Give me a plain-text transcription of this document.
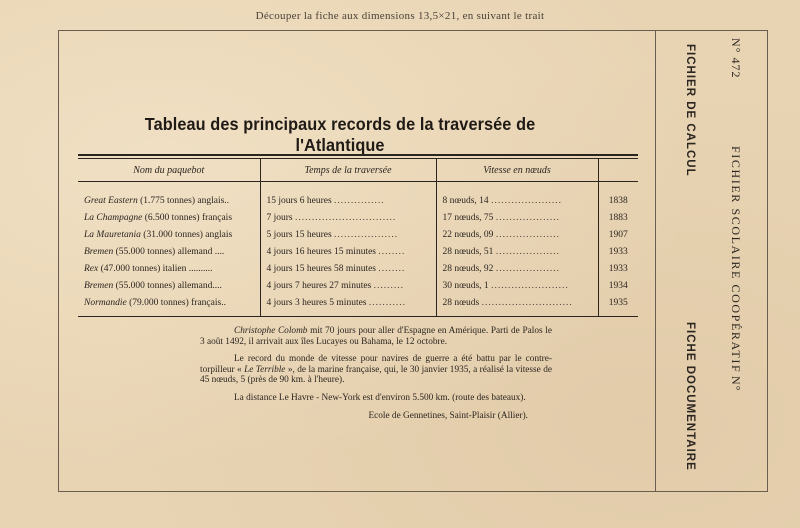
Découper la fiche aux dimensions 13,5×21, en suivant le trait
Tableau des principaux records de la traversée de l'Atlantique
Nom du paquebot	Temps de la traversée	Vitesse en nœuds	

Great Eastern (1.775 tonnes) anglais..	15 jours 6 heures ...............	8 nœuds, 14 .....................	1838
La Champagne (6.500 tonnes) français	7 jours ..............................	17 nœuds, 75 ...................	1883
La Mauretania (31.000 tonnes) anglais	5 jours 15 heures ...................	22 nœuds, 09 ...................	1907
Bremen (55.000 tonnes) allemand ....	4 jours 16 heures 15 minutes ........	28 nœuds, 51 ...................	1933
Rex (47.000 tonnes) italien ..........	4 jours 15 heures 58 minutes ........	28 nœuds, 92 ...................	1933
Bremen (55.000 tonnes) allemand....	4 jours 7 heures 27 minutes .........	30 nœuds, 1 .......................	1934
Normandie (79.000 tonnes) français..	4 jours 3 heures 5 minutes ...........	28 nœuds ...........................	1935

Christophe Colomb mit 70 jours pour aller d'Espagne en Amérique. Parti de Palos le 3 août 1492, il arrivait aux îles Lucayes ou Bahama, le 12 octobre.

Le record du monde de vitesse pour navires de guerre a été battu par le contre-torpilleur « Le Terrible », de la marine française, qui, le 30 janvier 1935, a réalisé la vitesse de 45 nœuds, 5 (près de 90 km. à l'heure).

La distance Le Havre - New-York est d'environ 5.500 km. (route des bateaux).

Ecole de Gennetines, Saint-Plaisir (Allier).

FICHIER DE CALCUL
FICHE DOCUMENTAIRE
N° 472
FICHIER SCOLAIRE COOPÉRATIF
N°
